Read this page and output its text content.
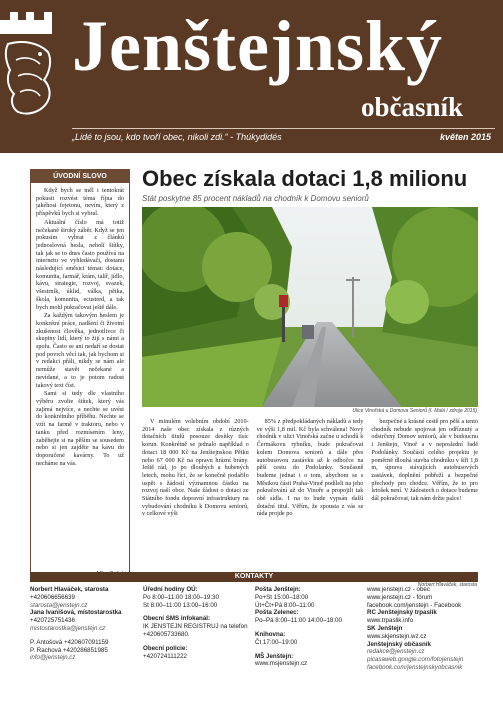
Jenštejnský
občasník
„Lidé to jsou, kdo tvoří obec, nikoli zdi.“ - Thúkydidés	květen 2015
ÚVODNÍ SLOVO

Když bych se měl i tentokrát pokusit rozvést téma října do jakéhosi fejetonu, nevím, který z příspěvků bych si vybral.

Aktuální číslo má totiž nečekaně široký záběr. Když se jen pokusím vybrat z článků jednoslovná hesla, nebolí štítky, tak jak se to dnes často používá na internetu ve vyhledávači, dostanu následující směsici témat: dotace, komunita, farmář, krám, talíř, jídlo, kávu, strategie, rozvoj, svazek, všestrník, úklid, válka, pětka, škola, komunita, ecustred, a tak bych mohl pokračovat ještě dále.

Za každým takovým heslem je konkrétní práce, nadšení či životní zkušenost člověka, jednotlivce či skupiny lidí, který to žijí s námi a spolu. Často se ani nedaří se dostat pod povrch věcí tak, jak bychom si v redakci přáli, nikdy se nám ale nemůže stavět nečekané a nevídané, a to je potom radost takový text číst.

Sami si tedy dle vlastního výběru zvolte štítek, který vás zajímá nejvíce, a nechte se uvést do konkrétního příběhu. Nechte se vzít na farmě v traktoru, nebo v tanku před rozmísením leny, zaběhejte si na pěším se sousedem nebo si jen zajděte na kávu do doporučené kavárny. To už necháme na vás.

Obec získala dotaci 1,8 milionu
Stát poskytne 85 procent nákladů na chodník k Domovu seniorů
Ulice Vinořská u Domova Seniorů (I. Malá / zdroje 2015)

V minulém volebním období 2010-2014 naše obec získala z různých dotačních titulů posouze desítky tisíc korun. Konkrétně se jednalo například o dotaci 18 000 Kč na Jenštejnskou Pětku nebo 67 000 Kč na opravu hrázní brány. Ještě rád, jo po dlouhých a hubených letech, mohu říci, že se konečně podařilo uspět s žádostí významnou částku na rozvoj naší obce. Naše žádost o dotaci ze Státního fondu dopravní infrastruktury na vybudování chodníku k Domovu seniorů, v celkové výši

85% z předpokládaných nákladů a tedy ve výši 1,8 mil. Kč byla schválena! Nový chodník v ulici Vinořská začne u schodů k Čermákovu rybníku, bude pokračovat kolem Domova seniorů a dále přes autobusovou zastávku až k odbočce na pěší cestu do Podolanky. Současně budeme jednat i o tom, abychom se s Městkou části Praha-Vinoř podíleli na jeho pokračování až do Vinoře a propojili tak obě sídla. I na to bude vypsán další dotační titul. Věřím, že spousta z vás se ráda projde po

bezpečné a krásné cestě pro pěší a tento chodník nebude spojovat jen odříznutý a odstrčený Domov seniorů, ale v budoucnu i Jenštejn, Vinoř a v neposlední řadě Podolánky. Součástí celého projektu je poměrně dlouhá stavba chodníku v šíři 1,8 m, úprava stávajících autobusových zastávek, doplnění pobřeží a bezpečné přechody pro chodce. Věřím, že to pro letošek není. V žádostech o dotace budeme dál pokračovat, tak nám držte palce!

Norbert Hlaváček, starosta
KONTAKTY
Norbert Hlaváček, starosta
+420606656639
starosta@jenstejn.cz
Jana Ivanišová, místostarostka
+420725751436
mistostarostka@jenstejn.cz
P. Antošová +420607091159
P. Rachová +420286851985
info@jenstejn.cz
Úřední hodiny OÚ:
Po 8:00–11:00 18:00–19:30
St 8:00–11:00 13:00–16:00
Obecní SMS infokanál:
IK JENSTEJN REGISTRUJ na telefon +420605733680.
Obecní policie:
+420724111222
Pošta Jenštejn:
Po+St 15:00–18:00
Út+Čt+Pá 8:00–11:00
Pošta Zelenec:
Po–Pá 8:00–11:00 14:00–18:00
Knihovna:
Čt 17:00–19:00
MŠ Jenštejn:
www.msjenstejn.cz
www.jenstejn.cz - obec
www.jenstejn.cz - fórum
facebook.com/jenstejn - Facebook
RC Jenštejnský trpaslík
www.trpaslik.info
SK Jenštejn
www.skjenstejn.wz.cz
Jenštejnský občasník
redakce@jenstejn.cz
picasaweb.google.com/fotojenstejn
facebook.com/jenstejnskyobcasnik
